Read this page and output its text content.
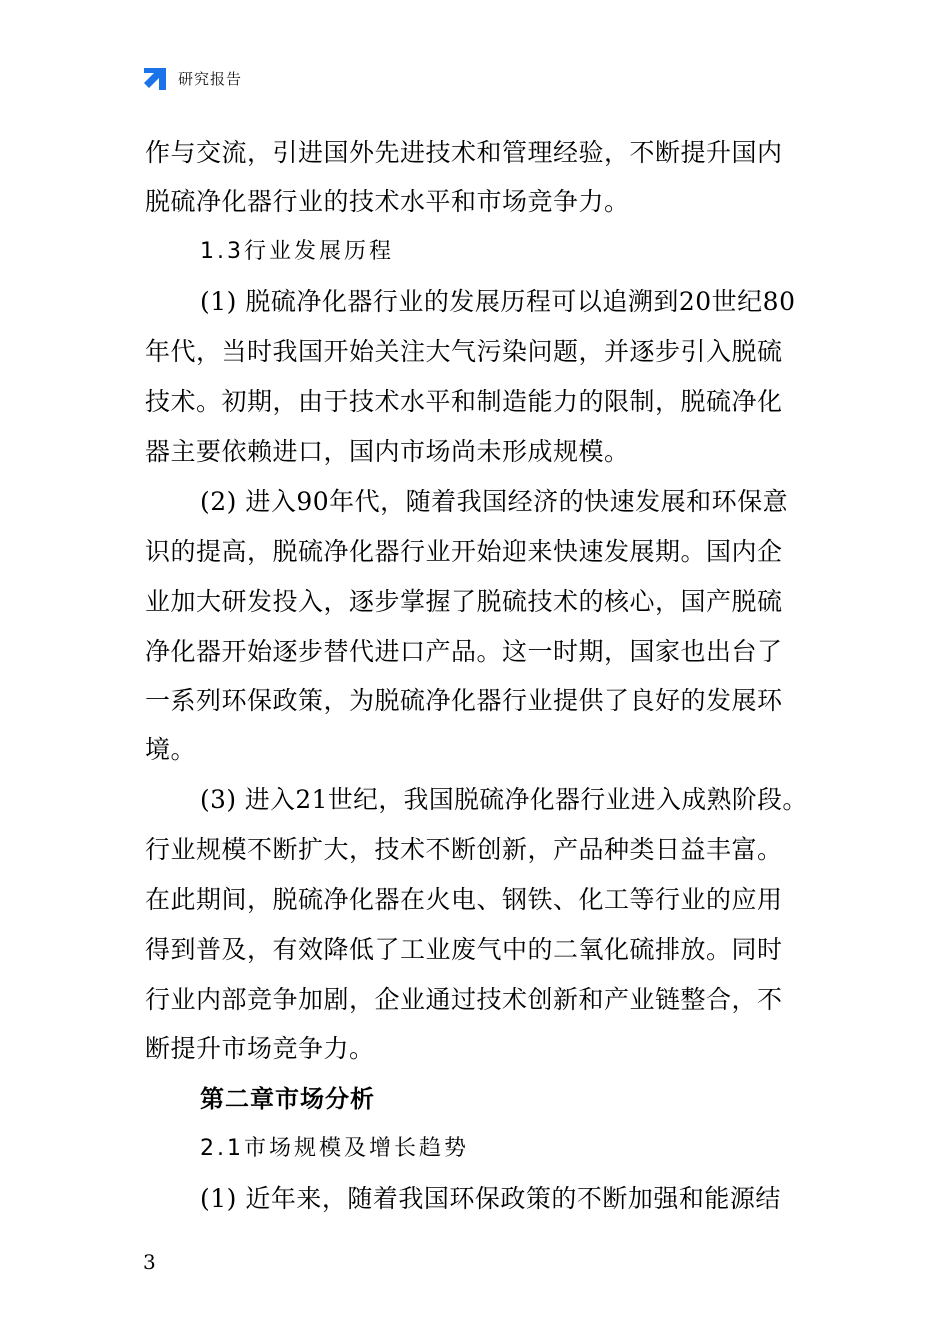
研究报告
作与交流，引进国外先进技术和管理经验，不断提升国内
脱硫净化器行业的技术水平和市场竞争力。
1.3行业发展历程
(1) 脱硫净化器行业的发展历程可以追溯到20世纪80
年代，当时我国开始关注大气污染问题，并逐步引入脱硫
技术。初期，由于技术水平和制造能力的限制，脱硫净化
器主要依赖进口，国内市场尚未形成规模。
(2) 进入90年代，随着我国经济的快速发展和环保意
识的提高，脱硫净化器行业开始迎来快速发展期。国内企
业加大研发投入，逐步掌握了脱硫技术的核心，国产脱硫
净化器开始逐步替代进口产品。这一时期，国家也出台了
一系列环保政策，为脱硫净化器行业提供了良好的发展环
境。
(3) 进入21世纪，我国脱硫净化器行业进入成熟阶段。
行业规模不断扩大，技术不断创新，产品种类日益丰富。
在此期间，脱硫净化器在火电、钢铁、化工等行业的应用
得到普及，有效降低了工业废气中的二氧化硫排放。同时
行业内部竞争加剧，企业通过技术创新和产业链整合，不
断提升市场竞争力。
第二章市场分析
2.1市场规模及增长趋势
(1) 近年来，随着我国环保政策的不断加强和能源结
3
